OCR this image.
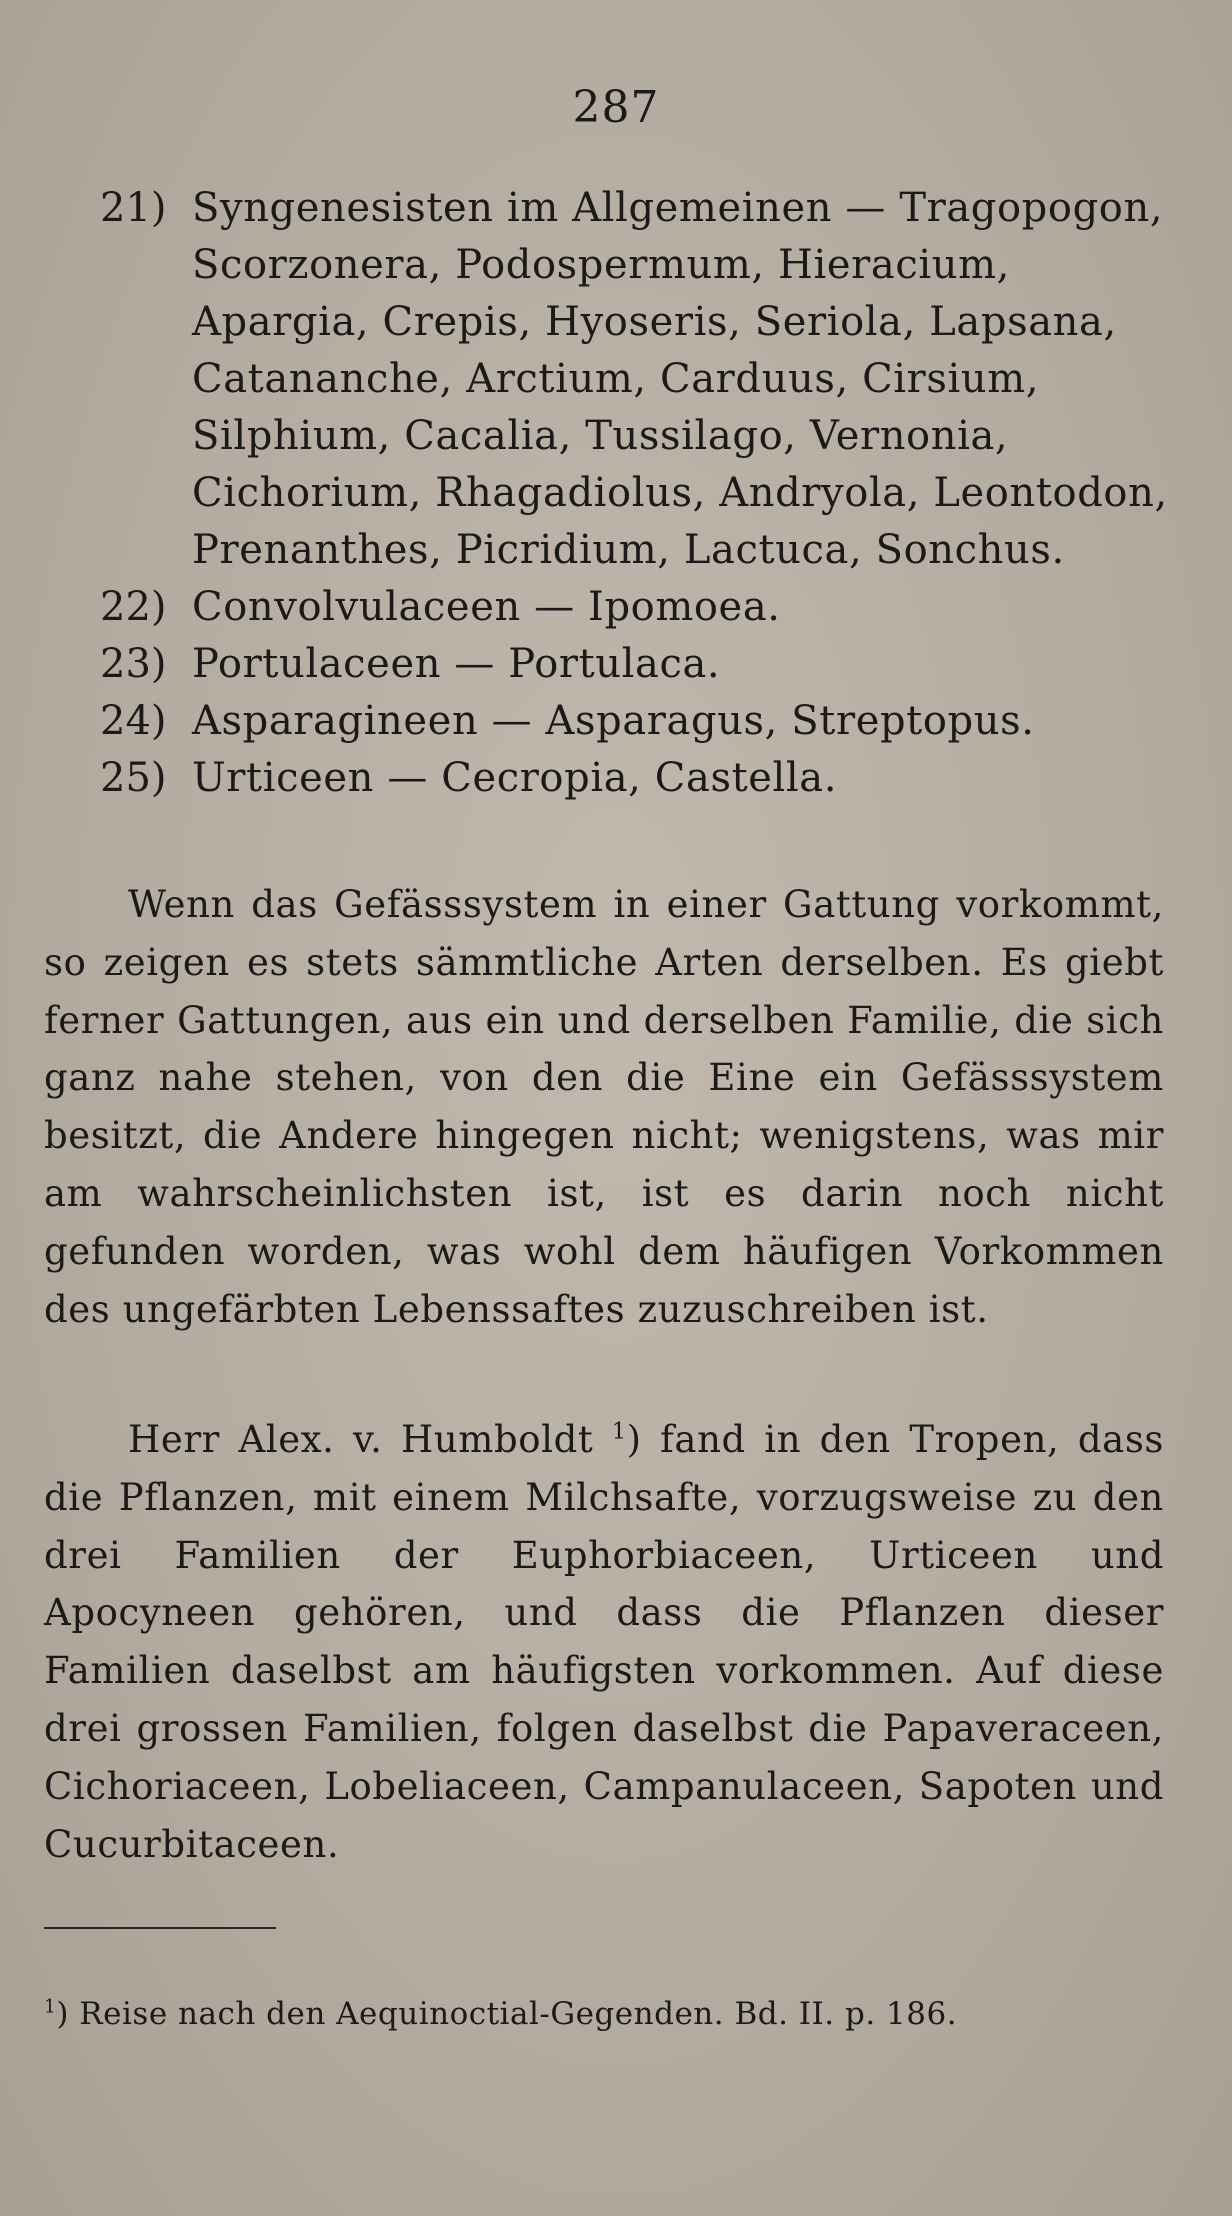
287
21) Syngenesisten im Allgemeinen — Tragopogon, Scorzonera, Podospermum, Hieracium, Apargia, Crepis, Hyoseris, Seriola, Lapsana, Catananche, Arctium, Carduus, Cirsium, Silphium, Cacalia, Tussilago, Vernonia, Cichorium, Rhagadiolus, Andryola, Leontodon, Prenanthes, Picridium, Lactuca, Sonchus.
22) Convolvulaceen — Ipomoea.
23) Portulaceen — Portulaca.
24) Asparagineen — Asparagus, Streptopus.
25) Urticeen — Cecropia, Castella.

Wenn das Gefässsystem in einer Gattung vorkommt, so zeigen es stets sämmtliche Arten derselben. Es giebt ferner Gattungen, aus ein und derselben Familie, die sich ganz nahe stehen, von den die Eine ein Gefässsystem besitzt, die Andere hingegen nicht; wenigstens, was mir am wahrscheinlichsten ist, ist es darin noch nicht gefunden worden, was wohl dem häufigen Vorkommen des ungefärbten Lebenssaftes zuzuschreiben ist.

Herr Alex. v. Humboldt $^1$) fand in den Tropen, dass die Pflanzen, mit einem Milchsafte, vorzugsweise zu den drei Familien der Euphorbiaceen, Urticeen und Apocyneen gehören, und dass die Pflanzen dieser Familien daselbst am häufigsten vorkommen. Auf diese drei grossen Familien, folgen daselbst die Papaveraceen, Cichoriaceen, Lobeliaceen, Campanulaceen, Sapoten und Cucurbitaceen.

$^1$) Reise nach den Aequinoctial-Gegenden. Bd. II. p. 186.
